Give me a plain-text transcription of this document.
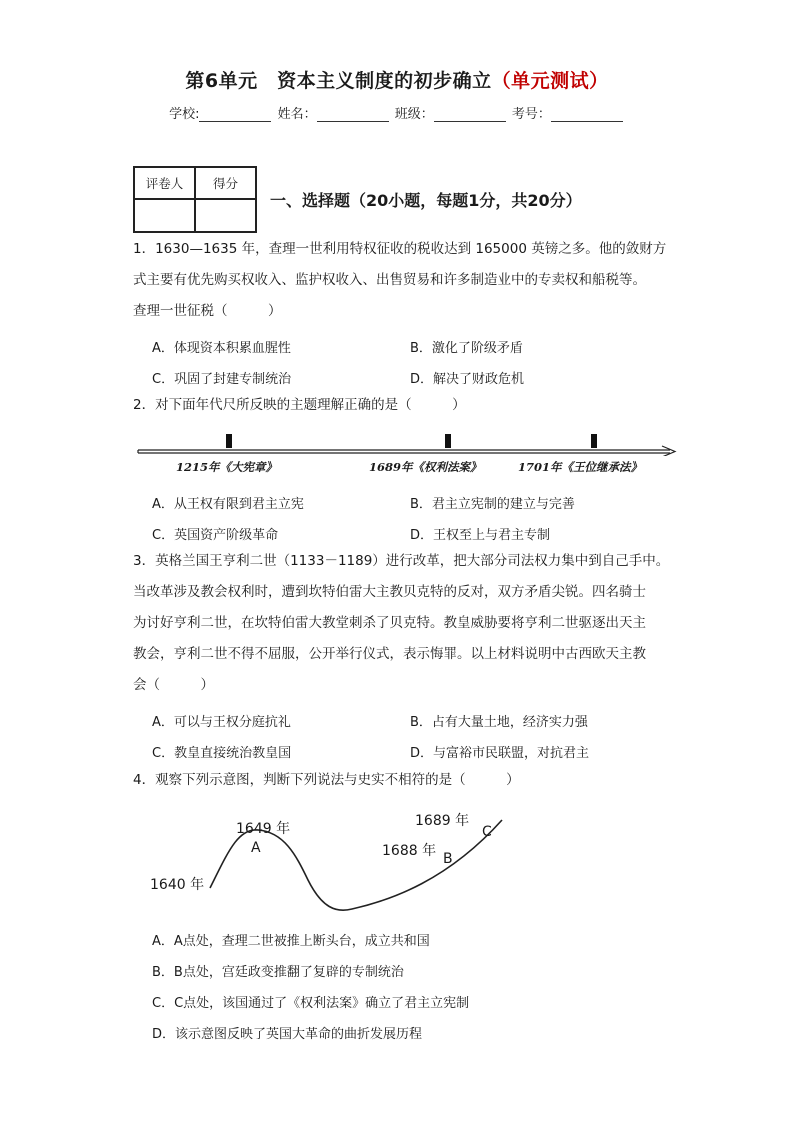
第6单元　资本主义制度的初步确立（单元测试）
学校:	姓名：	班级：	考号：
评卷人	得分

一、选择题（20小题，每题1分，共20分）
1．1630—1635 年，查理一世利用特权征收的税收达到 165000 英镑之多。他的敛财方
式主要有优先购买权收入、监护权收入、出售贸易和许多制造业中的专卖权和船税等。
查理一世征税（　　　）
A．体现资本积累血腥性	B．激化了阶级矛盾
C．巩固了封建专制统治	D．解决了财政危机
2．对下面年代尺所反映的主题理解正确的是（　　　）
1215年《大宪章》	1689年《权利法案》	1701年《王位继承法》
A．从王权有限到君主立宪	B．君主立宪制的建立与完善
C．英国资产阶级革命	D．王权至上与君主专制
3．英格兰国王亨利二世（1133－1189）进行改革，把大部分司法权力集中到自己手中。
当改革涉及教会权利时，遭到坎特伯雷大主教贝克特的反对，双方矛盾尖锐。四名骑士
为讨好亨利二世，在坎特伯雷大教堂刺杀了贝克特。教皇威胁要将亨利二世驱逐出天主
教会，亨利二世不得不屈服，公开举行仪式，表示悔罪。以上材料说明中古西欧天主教
会（　　　）
A．可以与王权分庭抗礼	B．占有大量土地，经济实力强
C．教皇直接统治教皇国	D．与富裕市民联盟，对抗君主
4．观察下列示意图，判断下列说法与史实不相符的是（　　　）
1640 年
1649 年
A	1688 年 B
1689 年
C
A．A点处，查理二世被推上断头台，成立共和国
B．B点处，宫廷政变推翻了复辟的专制统治
C．C点处，该国通过了《权利法案》确立了君主立宪制
D．该示意图反映了英国大革命的曲折发展历程
